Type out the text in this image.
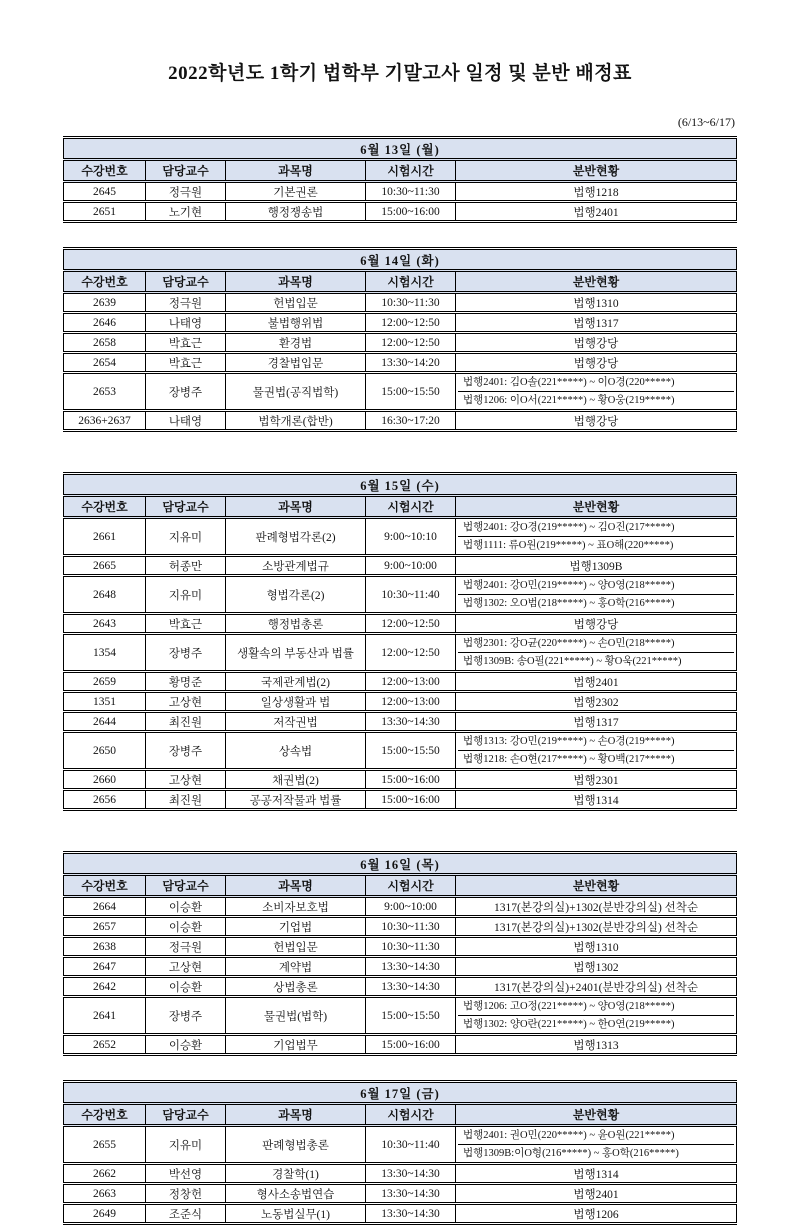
2022학년도 1학기 법학부 기말고사 일정 및 분반 배정표
(6/13~6/17)
6월 13일 (월)				
수강번호	담당교수	과목명	시험시간	분반현황
2645	정극원	기본권론	10:30~11:30	법행1218
2651	노기현	행정쟁송법	15:00~16:00	법행2401
6월 14일 (화)				
수강번호	담당교수	과목명	시험시간	분반현황
2639	정극원	헌법입문	10:30~11:30	법행1310
2646	나태영	불법행위법	12:00~12:50	법행1317
2658	박효근	환경법	12:00~12:50	법행강당
2654	박효근	경찰법입문	13:30~14:20	법행강당
2653	장병주	물권법(공직법학)	15:00~15:50	법행2401: 김O솔(221*****) ~ 이O경(220*****)
법행1206: 이O서(221*****) ~ 황O웅(219*****)

2636+2637	나태영	법학개론(합반)	16:30~17:20	법행강당
6월 15일 (수)				
수강번호	담당교수	과목명	시험시간	분반현황
2661	지유미	판례형법각론(2)	9:00~10:10	법행2401: 강O경(219*****) ~ 김O진(217*****)
법행1111: 류O원(219*****) ~ 표O해(220*****)

2665	허종만	소방관계법규	9:00~10:00	법행1309B
2648	지유미	형법각론(2)	10:30~11:40	법행2401: 강O민(219*****) ~ 양O영(218*****)
법행1302: 오O범(218*****) ~ 홍O학(216*****)

2643	박효근	행정법총론	12:00~12:50	법행강당
1354	장병주	생활속의 부동산과 법률	12:00~12:50	법행2301: 강O균(220*****) ~ 손O민(218*****)
법행1309B: 송O필(221*****) ~ 황O욱(221*****)

2659	황명준	국제관계법(2)	12:00~13:00	법행2401
1351	고상현	일상생활과 법	12:00~13:00	법행2302
2644	최진원	저작권법	13:30~14:30	법행1317
2650	장병주	상속법	15:00~15:50	법행1313: 강O민(219*****) ~ 손O경(219*****)
법행1218: 손O현(217*****) ~ 황O백(217*****)

2660	고상현	채권법(2)	15:00~16:00	법행2301
2656	최진원	공공저작물과 법률	15:00~16:00	법행1314
6월 16일 (목)				
수강번호	담당교수	과목명	시험시간	분반현황
2664	이승환	소비자보호법	9:00~10:00	1317(본강의실)+1302(분반강의실) 선착순
2657	이승환	기업법	10:30~11:30	1317(본강의실)+1302(분반강의실) 선착순
2638	정극원	헌법입문	10:30~11:30	법행1310
2647	고상현	계약법	13:30~14:30	법행1302
2642	이승환	상법총론	13:30~14:30	1317(본강의실)+2401(분반강의실) 선착순
2641	장병주	물권법(법학)	15:00~15:50	법행1206: 고O정(221*****) ~ 양O영(218*****)
법행1302: 양O란(221*****) ~ 한O연(219*****)

2652	이승환	기업법무	15:00~16:00	법행1313
6월 17일 (금)				
수강번호	담당교수	과목명	시험시간	분반현황
2655	지유미	판례형법총론	10:30~11:40	법행2401: 권O민(220*****) ~ 윤O원(221*****)
법행1309B:이O형(216*****) ~ 홍O학(216*****)

2662	박선영	경찰학(1)	13:30~14:30	법행1314
2663	정창헌	형사소송법연습	13:30~14:30	법행2401
2649	조준식	노동법실무(1)	13:30~14:30	법행1206
